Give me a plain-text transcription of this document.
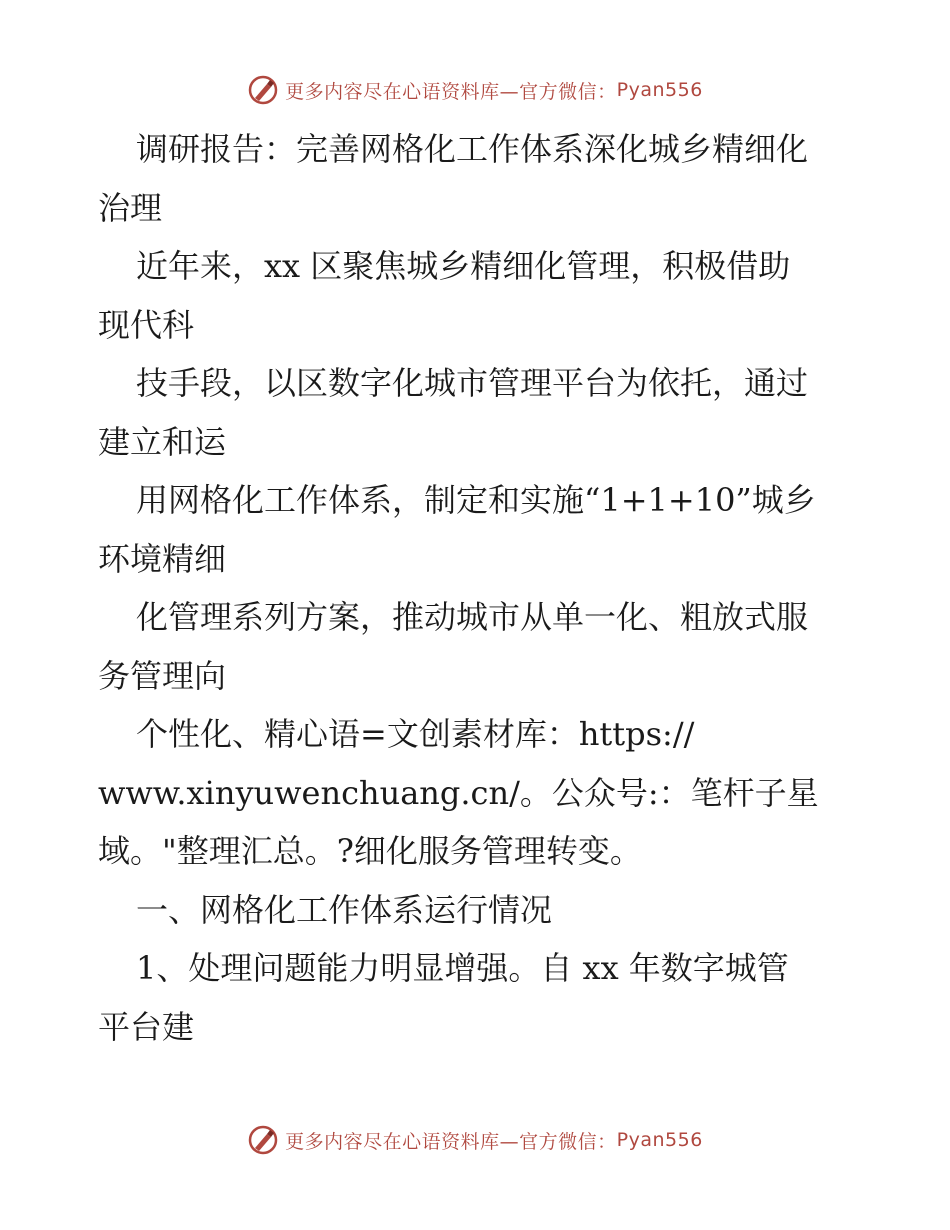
更多内容尽在心语资料库—官方微信： Pyan556
调研报告：完善网格化工作体系深化城乡精细化
治理
近年来，xx 区聚焦城乡精细化管理，积极借助
现代科
技手段，以区数字化城市管理平台为依托，通过
建立和运
用网格化工作体系，制定和实施“1+1+10”城乡
环境精细
化管理系列方案，推动城市从单一化、粗放式服
务管理向
个性化、精心语=文创素材库：https://
www.xinyuwenchuang.cn/。公众号:：笔杆子星
域。"整理汇总。?细化服务管理转变。
一、网格化工作体系运行情况
1、处理问题能力明显增强。自 xx 年数字城管
平台建
更多内容尽在心语资料库—官方微信： Pyan556
